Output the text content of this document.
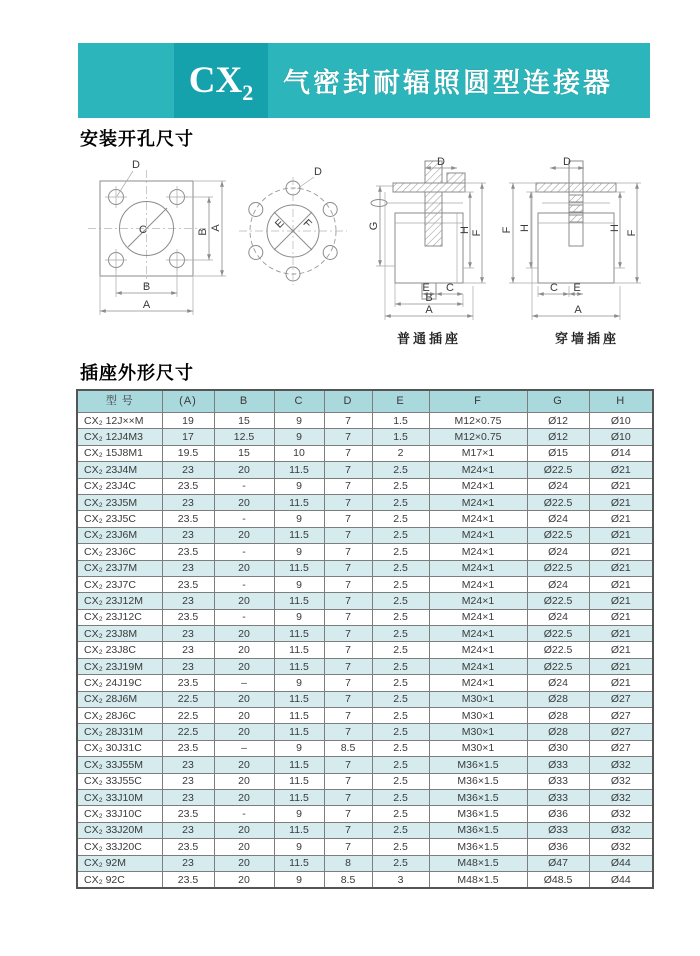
CX 2 气密封耐辐照圆型连接器
安装开孔尺寸
D
C	B
A
B
A
D
E F
D
G	H F
E C
B
A
普通插座
D
F H	H
F
C E
A
穿墙插座
插座外形尺寸
型 号	(A)	B	C	D	E	F	G	H
CX₂ 12J××M	19	15	9	7	1.5	M12×0.75	Ø12	Ø10
CX₂ 12J4M3	17	12.5	9	7	1.5	M12×0.75	Ø12	Ø10
CX₂ 15J8M1	19.5	15	10	7	2	M17×1	Ø15	Ø14
CX₂ 23J4M	23	20	11.5	7	2.5	M24×1	Ø22.5	Ø21
CX₂ 23J4C	23.5	-	9	7	2.5	M24×1	Ø24	Ø21
CX₂ 23J5M	23	20	11.5	7	2.5	M24×1	Ø22.5	Ø21
CX₂ 23J5C	23.5	-	9	7	2.5	M24×1	Ø24	Ø21
CX₂ 23J6M	23	20	11.5	7	2.5	M24×1	Ø22.5	Ø21
CX₂ 23J6C	23.5	-	9	7	2.5	M24×1	Ø24	Ø21
CX₂ 23J7M	23	20	11.5	7	2.5	M24×1	Ø22.5	Ø21
CX₂ 23J7C	23.5	-	9	7	2.5	M24×1	Ø24	Ø21
CX₂ 23J12M	23	20	11.5	7	2.5	M24×1	Ø22.5	Ø21
CX₂ 23J12C	23.5	-	9	7	2.5	M24×1	Ø24	Ø21
CX₂ 23J8M	23	20	11.5	7	2.5	M24×1	Ø22.5	Ø21
CX₂ 23J8C	23	20	11.5	7	2.5	M24×1	Ø22.5	Ø21
CX₂ 23J19M	23	20	11.5	7	2.5	M24×1	Ø22.5	Ø21
CX₂ 24J19C	23.5	–	9	7	2.5	M24×1	Ø24	Ø21
CX₂ 28J6M	22.5	20	11.5	7	2.5	M30×1	Ø28	Ø27
CX₂ 28J6C	22.5	20	11.5	7	2.5	M30×1	Ø28	Ø27
CX₂ 28J31M	22.5	20	11.5	7	2.5	M30×1	Ø28	Ø27
CX₂ 30J31C	23.5	–	9	8.5	2.5	M30×1	Ø30	Ø27
CX₂ 33J55M	23	20	11.5	7	2.5	M36×1.5	Ø33	Ø32
CX₂ 33J55C	23	20	11.5	7	2.5	M36×1.5	Ø33	Ø32
CX₂ 33J10M	23	20	11.5	7	2.5	M36×1.5	Ø33	Ø32
CX₂ 33J10C	23.5	-	9	7	2.5	M36×1.5	Ø36	Ø32
CX₂ 33J20M	23	20	11.5	7	2.5	M36×1.5	Ø33	Ø32
CX₂ 33J20C	23.5	20	9	7	2.5	M36×1.5	Ø36	Ø32
CX₂ 92M	23	20	11.5	8	2.5	M48×1.5	Ø47	Ø44
CX₂ 92C	23.5	20	9	8.5	3	M48×1.5	Ø48.5	Ø44
